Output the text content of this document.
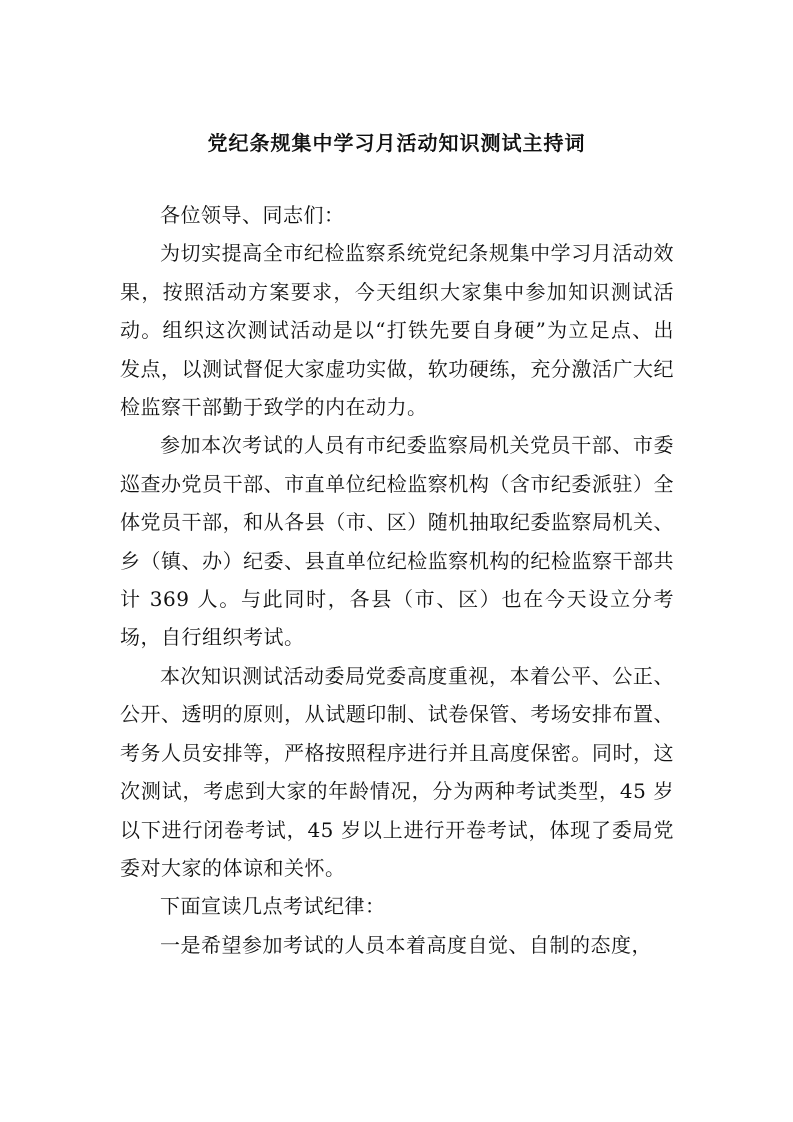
党纪条规集中学习月活动知识测试主持词

各位领导、同志们：

为切实提高全市纪检监察系统党纪条规集中学习月活动效果，按照活动方案要求，今天组织大家集中参加知识测试活动。组织这次测试活动是以“打铁先要自身硬”为立足点、出发点，以测试督促大家虚功实做，软功硬练，充分激活广大纪检监察干部勤于致学的内在动力。

参加本次考试的人员有市纪委监察局机关党员干部、市委巡查办党员干部、市直单位纪检监察机构（含市纪委派驻）全体党员干部，和从各县（市、区）随机抽取纪委监察局机关、乡（镇、办）纪委、县直单位纪检监察机构的纪检监察干部共计 369 人。与此同时，各县（市、区）也在今天设立分考场，自行组织考试。

本次知识测试活动委局党委高度重视，本着公平、公正、公开、透明的原则，从试题印制、试卷保管、考场安排布置、考务人员安排等，严格按照程序进行并且高度保密。同时，这次测试，考虑到大家的年龄情况，分为两种考试类型，45 岁以下进行闭卷考试，45 岁以上进行开卷考试，体现了委局党委对大家的体谅和关怀。

下面宣读几点考试纪律：

一是希望参加考试的人员本着高度自觉、自制的态度，
